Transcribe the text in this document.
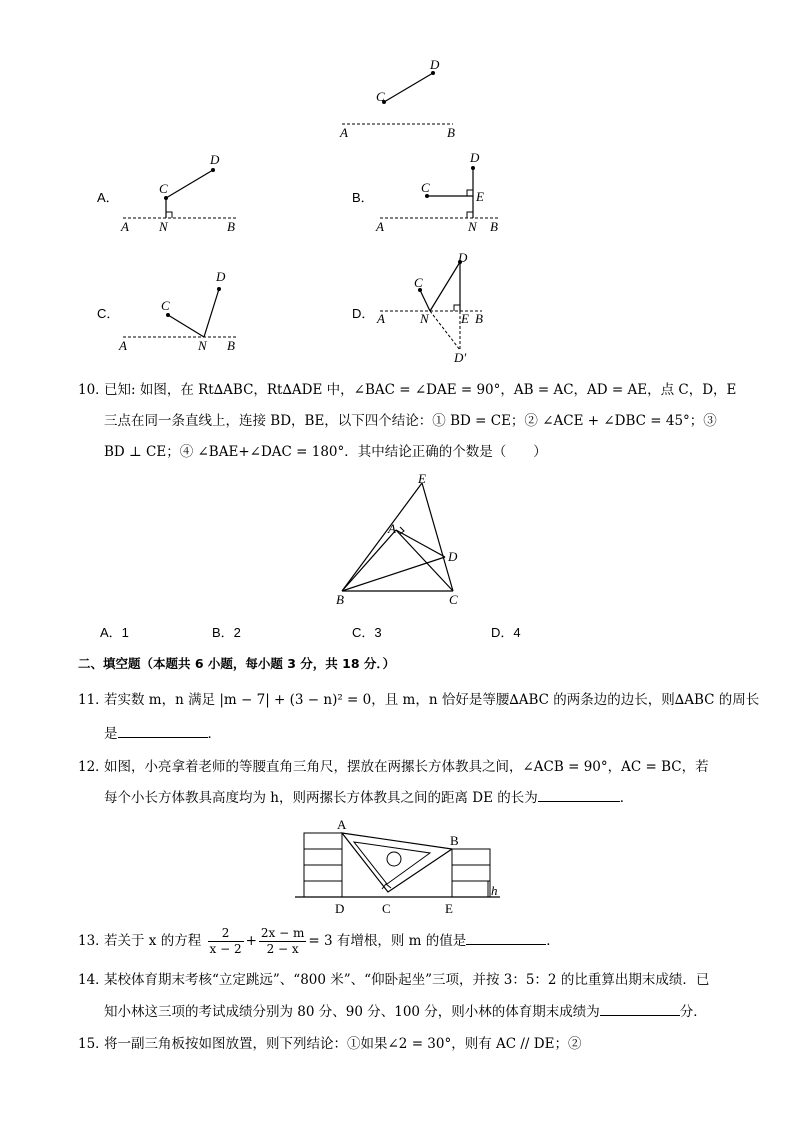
C
D
A	B
A．
D
C
A N	B
B．
D
C
E
A	N B
C．
D
C
A	N B
D．
D
C
A	N E B
D′
10．
已知: 如图，在 Rt∆ABC，Rt∆ADE 中，∠BAC = ∠DAE = 90°，AB = AC，AD = AE，点 C，D，E
三点在同一条直线上，连接 BD，BE，以下四个结论：① BD = CE；② ∠ACE + ∠DBC = 45°；③
BD ⊥ CE；④ ∠BAE+∠DAC = 180°．其中结论正确的个数是（　　）
E
A
D
B	C
A．1	B．2	C．3	D．4
二、填空题（本题共 6 小题，每小题 3 分，共 18 分．）
11．
若实数 m，n 满足 |m − 7| + (3 − n)² = 0，且 m，n 恰好是等腰∆ABC 的两条边的边长，则∆ABC 的周长
是	．
12．
如图，小亮拿着老师的等腰直角三角尺，摆放在两摞长方体教具之间，∠ACB = 90°，AC = BC，若
每个小长方体教具高度均为 h，则两摞长方体教具之间的距离 DE 的长为	．
A
B
h
D	C	E
13．
若关于 x 的方程 $\frac{2}{x - 2} + \frac{2x - m}{2 - x} = 3$ 有增根，则 m 的值是	．
14．
某校体育期末考核“立定跳远”、“800 米”、“仰卧起坐”三项，并按 3：5：2 的比重算出期末成绩．已
知小林这三项的考试成绩分别为 80 分、90 分、100 分，则小林的体育期末成绩为	分．
15．
将一副三角板按如图放置，则下列结论：①如果∠2 = 30°，则有 AC // DE；②
